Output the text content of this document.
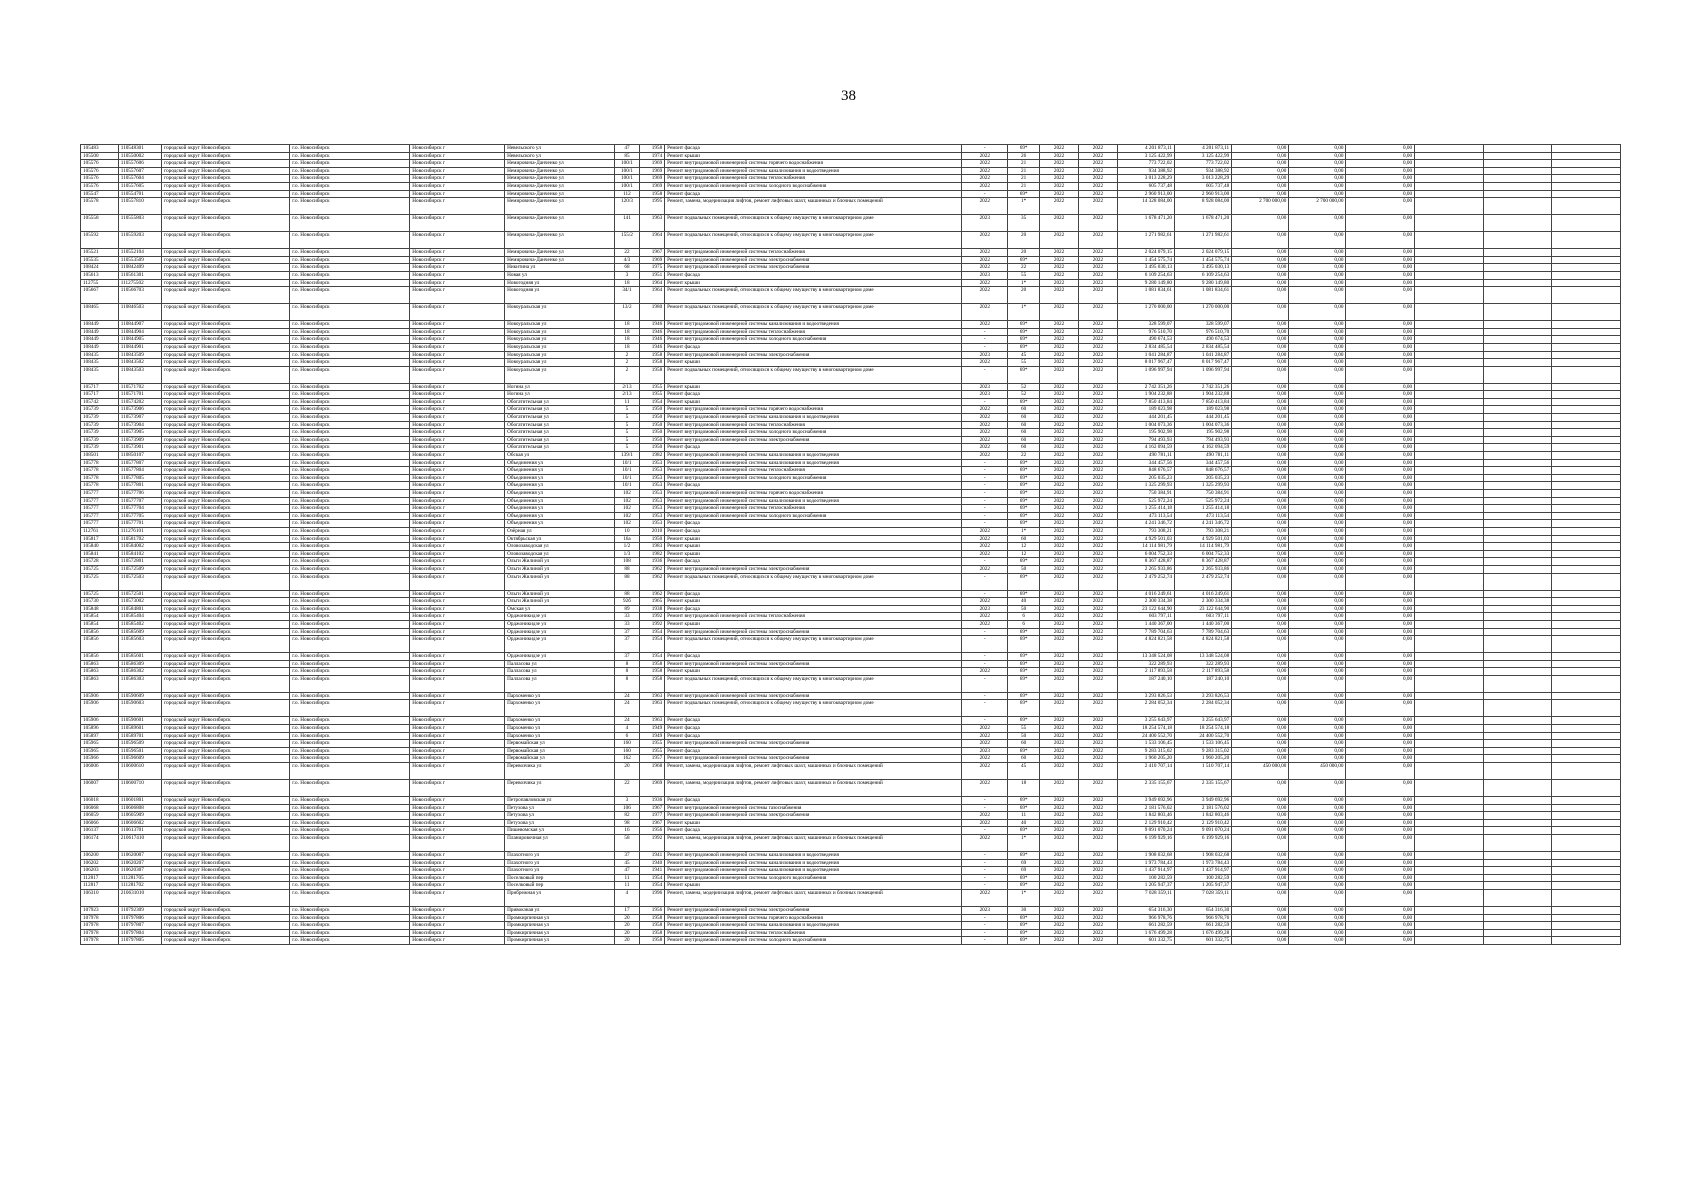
38
105483	110548301	городской округ Новосибирск	г.о. Новосибирск	Новосибирск г	Невельского ул	47	1958	Ремонт фасада	-	69*	2022	2022	4 201 873,11	4 201 873,11	0,00	0,00	0,00			
105500	110550002	городской округ Новосибирск	г.о. Новосибирск	Новосибирск г	Невельского ул	85	1974	Ремонт крыши	2022	26	2022	2022	3 125 422,99	3 125 422,99	0,00	0,00	0,00			
105576	110557606	городской округ Новосибирск	г.о. Новосибирск	Новосибирск г	Немировича-Данченко ул	100/1	1969	Ремонт внутридомовой инженерной системы горячего водоснабжения	2022	21	2022	2022	773 722,02	773 722,02	0,00	0,00	0,00			
105576	110557607	городской округ Новосибирск	г.о. Новосибирск	Новосибирск г	Немировича-Данченко ул	100/1	1969	Ремонт внутридомовой инженерной системы канализования и водоотведения	2022	21	2022	2022	934 388,92	934 388,92	0,00	0,00	0,00			
105576	110557604	городской округ Новосибирск	г.о. Новосибирск	Новосибирск г	Немировича-Данченко ул	100/1	1969	Ремонт внутридомовой инженерной системы теплоснабжения	2022	21	2022	2022	3 013 228,29	3 013 228,29	0,00	0,00	0,00			
105576	110557605	городской округ Новосибирск	г.о. Новосибирск	Новосибирск г	Немировича-Данченко ул	100/1	1969	Ремонт внутридомовой инженерной системы холодного водоснабжения	2022	21	2022	2022	605 737,48	605 737,48	0,00	0,00	0,00			
105547	110554701	городской округ Новосибирск	г.о. Новосибирск	Новосибирск г	Немировича-Данченко ул	112	1958	Ремонт фасада	-	69*	2022	2022	2 960 913,00	2 960 913,00	0,00	0,00	0,00			
105578	110557810	городской округ Новосибирск	г.о. Новосибирск	Новосибирск г	Немировича-Данченко ул	120/3	1995	Ремонт, замена, модернизация лифтов, ремонт лифтовых шахт, машинных и блочных помещений	2022	1*	2022	2022	14 328 084,00	8 928 084,00	2 700 000,00	2 700 000,00	0,00			
105558	110555803	городской округ Новосибирск	г.о. Новосибирск	Новосибирск г	Немировича-Данченко ул	141	1963	Ремонт подвальных помещений, относящихся к общему имуществу в многоквартирном доме	2023	35	2022	2022	1 678 471,20	1 678 471,20	0,00	0,00	0,00			
105592	110559203	городской округ Новосибирск	г.о. Новосибирск	Новосибирск г	Немировича-Данченко ул	155/2	1964	Ремонт подвальных помещений, относящихся к общему имуществу в многоквартирном доме	2022	20	2022	2022	1 271 982,61	1 271 982,61	0,00	0,00	0,00			
105521	110552104	городской округ Новосибирск	г.о. Новосибирск	Новосибирск г	Немировича-Данченко ул	22	1967	Ремонт внутридомовой инженерной системы теплоснабжения	2022	20	2022	2022	2 024 079,15	2 024 079,15	0,00	0,00	0,00			
105535	110553509	городской округ Новосибирск	г.о. Новосибирск	Новосибирск г	Немировича-Данченко ул	4/3	1969	Ремонт внутридомовой инженерной системы электроснабжения	2022	69*	2022	2022	1 454 575,74	1 454 575,74	0,00	0,00	0,00			
108424	110842409	городской округ Новосибирск	г.о. Новосибирск	Новосибирск г	Никитина ул	68	1975	Ремонт внутридомовой инженерной системы электроснабжения	2022	22	2022	2022	3 495 030,13	3 495 030,13	0,00	0,00	0,00			
105613	110561301	городской округ Новосибирск	г.о. Новосибирск	Новосибирск г	Новая ул	3	1951	Ремонт фасада	2023	55	2022	2022	6 109 254,63	6 109 254,63	0,00	0,00	0,00			
112755	111275502	городской округ Новосибирск	г.о. Новосибирск	Новосибирск г	Новогодняя ул	18	1964	Ремонт крыши	2022	1*	2022	2022	9 280 149,80	9 280 149,80	0,00	0,00	0,00			
105667	110566703	городской округ Новосибирск	г.о. Новосибирск	Новосибирск г	Новогодняя ул	34/1	1964	Ремонт подвальных помещений, относящихся к общему имуществу в многоквартирном доме	2022	20	2022	2022	1 081 834,61	1 081 834,61	0,00	0,00	0,00			
108465	110846503	городской округ Новосибирск	г.о. Новосибирск	Новосибирск г	Новоуральская ул	13/2	1980	Ремонт подвальных помещений, относящихся к общему имуществу в многоквартирном доме	2022	1*	2022	2022	1 270 000,00	1 270 000,00	0,00	0,00	0,00			
108449	110844907	городской округ Новосибирск	г.о. Новосибирск	Новосибирск г	Новоуральская ул	18	1946	Ремонт внутридомовой инженерной системы канализования и водоотведения	2022	69*	2022	2022	328 599,07	328 599,07	0,00	0,00	0,00			
108449	110844904	городской округ Новосибирск	г.о. Новосибирск	Новосибирск г	Новоуральская ул	18	1946	Ремонт внутридомовой инженерной системы теплоснабжения	-	69*	2022	2022	976 510,70	976 510,70	0,00	0,00	0,00			
108449	110844905	городской округ Новосибирск	г.о. Новосибирск	Новосибирск г	Новоуральская ул	18	1946	Ремонт внутридомовой инженерной системы холодного водоснабжения	-	69*	2022	2022	490 674,53	490 674,53	0,00	0,00	0,00			
108449	110844901	городской округ Новосибирск	г.о. Новосибирск	Новосибирск г	Новоуральская ул	18	1946	Ремонт фасада	-	69*	2022	2022	2 834 485,54	2 834 485,54	0,00	0,00	0,00			
108435	110843509	городской округ Новосибирск	г.о. Новосибирск	Новосибирск г	Новоуральская ул	2	1958	Ремонт внутридомовой инженерной системы электроснабжения	2023	45	2022	2022	1 041 284,87	1 041 284,87	0,00	0,00	0,00			
108435	110843502	городской округ Новосибирск	г.о. Новосибирск	Новосибирск г	Новоуральская ул	2	1958	Ремонт крыши	2022	55	2022	2022	8 017 967,47	8 017 967,47	0,00	0,00	0,00			
108435	110843503	городской округ Новосибирск	г.о. Новосибирск	Новосибирск г	Новоуральская ул	2	1958	Ремонт подвальных помещений, относящихся к общему имуществу в многоквартирном доме	-	69*	2022	2022	1 096 997,94	1 096 997,94	0,00	0,00	0,00			
105717	110571702	городской округ Новосибирск	г.о. Новосибирск	Новосибирск г	Ногина ул	2/13	1955	Ремонт крыши	2023	52	2022	2022	2 742 351,26	2 742 351,26	0,00	0,00	0,00			
105717	110571701	городской округ Новосибирск	г.о. Новосибирск	Новосибирск г	Ногина ул	2/13	1955	Ремонт фасада	2023	52	2022	2022	1 904 232,88	1 904 232,88	0,00	0,00	0,00			
105742	110574202	городской округ Новосибирск	г.о. Новосибирск	Новосибирск г	Обогатительная ул	11	1954	Ремонт крыши	-	69*	2022	2022	7 850 413,84	7 850 413,84	0,00	0,00	0,00			
105739	110573906	городской округ Новосибирск	г.о. Новосибирск	Новосибирск г	Обогатительная ул	5	1950	Ремонт внутридомовой инженерной системы горячего водоснабжения	2022	60	2022	2022	189 023,98	189 023,98	0,00	0,00	0,00			
105739	110573907	городской округ Новосибирск	г.о. Новосибирск	Новосибирск г	Обогатительная ул	5	1950	Ремонт внутридомовой инженерной системы канализования и водоотведения	2022	60	2022	2022	444 201,45	444 201,45	0,00	0,00	0,00			
105739	110573904	городской округ Новосибирск	г.о. Новосибирск	Новосибирск г	Обогатительная ул	5	1950	Ремонт внутридомовой инженерной системы теплоснабжения	2022	60	2022	2022	1 004 073,36	1 004 073,36	0,00	0,00	0,00			
105739	110573905	городской округ Новосибирск	г.о. Новосибирск	Новосибирск г	Обогатительная ул	5	1950	Ремонт внутридомовой инженерной системы холодного водоснабжения	2022	60	2022	2022	195 902,98	195 902,98	0,00	0,00	0,00			
105739	110573909	городской округ Новосибирск	г.о. Новосибирск	Новосибирск г	Обогатительная ул	5	1950	Ремонт внутридомовой инженерной системы электроснабжения	2022	60	2022	2022	794 493,93	794 493,93	0,00	0,00	0,00			
105739	110573901	городской округ Новосибирск	г.о. Новосибирск	Новосибирск г	Обогатительная ул	5	1950	Ремонт фасада	2022	60	2022	2022	4 162 094,59	4 162 094,59	0,00	0,00	0,00			
108501	110850107	городской округ Новосибирск	г.о. Новосибирск	Новосибирск г	Обская ул	139/1	1982	Ремонт внутридомовой инженерной системы канализования и водоотведения	2022	22	2022	2022	490 781,11	490 781,11	0,00	0,00	0,00			
105778	110577807	городской округ Новосибирск	г.о. Новосибирск	Новосибирск г	Объединения ул	10/1	1953	Ремонт внутридомовой инженерной системы канализования и водоотведения	-	69*	2022	2022	344 457,56	344 457,56	0,00	0,00	0,00			
105778	110577804	городской округ Новосибирск	г.о. Новосибирск	Новосибирск г	Объединения ул	10/1	1953	Ремонт внутридомовой инженерной системы теплоснабжения	-	69*	2022	2022	848 676,57	848 676,57	0,00	0,00	0,00			
105778	110577805	городской округ Новосибирск	г.о. Новосибирск	Новосибирск г	Объединения ул	10/1	1953	Ремонт внутридомовой инженерной системы холодного водоснабжения	-	69*	2022	2022	205 035,23	205 035,23	0,00	0,00	0,00			
105778	110577801	городской округ Новосибирск	г.о. Новосибирск	Новосибирск г	Объединения ул	10/1	1953	Ремонт фасада	-	69*	2022	2022	1 325 299,93	1 325 299,93	0,00	0,00	0,00			
105777	110577706	городской округ Новосибирск	г.о. Новосибирск	Новосибирск г	Объединения ул	102	1953	Ремонт внутридомовой инженерной системы горячего водоснабжения	-	69*	2022	2022	750 384,91	750 384,91	0,00	0,00	0,00			
105777	110577707	городской округ Новосибирск	г.о. Новосибирск	Новосибирск г	Объединения ул	102	1953	Ремонт внутридомовой инженерной системы канализования и водоотведения	-	69*	2022	2022	525 972,24	525 972,24	0,00	0,00	0,00			
105777	110577704	городской округ Новосибирск	г.о. Новосибирск	Новосибирск г	Объединения ул	102	1953	Ремонт внутридомовой инженерной системы теплоснабжения	-	69*	2022	2022	1 255 414,18	1 255 414,18	0,00	0,00	0,00			
105777	110577705	городской округ Новосибирск	г.о. Новосибирск	Новосибирск г	Объединения ул	102	1953	Ремонт внутридомовой инженерной системы холодного водоснабжения	-	69*	2022	2022	473 113,54	473 113,54	0,00	0,00	0,00			
105777	110577701	городской округ Новосибирск	г.о. Новосибирск	Новосибирск г	Объединения ул	102	1953	Ремонт фасада	-	69*	2022	2022	4 241 346,72	4 241 346,72	0,00	0,00	0,00			
112761	111276101	городской округ Новосибирск	г.о. Новосибирск	Новосибирск г	Озёрная ул	10	2010	Ремонт фасада	2022	1*	2022	2022	793 308,21	793 308,21	0,00	0,00	0,00			
105817	110581702	городской округ Новосибирск	г.о. Новосибирск	Новосибирск г	Октябрьская ул	16а	1950	Ремонт крыши	2022	60	2022	2022	4 929 501,03	4 929 501,03	0,00	0,00	0,00			
105840	110584002	городской округ Новосибирск	г.о. Новосибирск	Новосибирск г	Оловозаводская ул	1/2	1983	Ремонт крыши	2022	12	2022	2022	14 114 981,79	14 114 981,79	0,00	0,00	0,00			
105841	110584102	городской округ Новосибирск	г.о. Новосибирск	Новосибирск г	Оловозаводская ул	1/3	1982	Ремонт крыши	2022	12	2022	2022	6 004 752,33	6 004 752,33	0,00	0,00	0,00			
105728	110572801	городской округ Новосибирск	г.о. Новосибирск	Новосибирск г	Ольги Жилиной ул	108	1936	Ремонт фасада	-	69*	2022	2022	8 367 428,87	8 367 428,87	0,00	0,00	0,00			
105725	110572509	городской округ Новосибирск	г.о. Новосибирск	Новосибирск г	Ольги Жилиной ул	88	1962	Ремонт внутридомовой инженерной системы электроснабжения	2022	50	2022	2022	2 265 933,86	2 265 933,86	0,00	0,00	0,00			
105725	110572503	городской округ Новосибирск	г.о. Новосибирск	Новосибирск г	Ольги Жилиной ул	88	1962	Ремонт подвальных помещений, относящихся к общему имуществу в многоквартирном доме	-	69*	2022	2022	2 479 252,74	2 479 252,74	0,00	0,00	0,00			
105725	110572501	городской округ Новосибирск	г.о. Новосибирск	Новосибирск г	Ольги Жилиной ул	88	1962	Ремонт фасада	-	69*	2022	2022	4 016 249,61	4 016 249,61	0,00	0,00	0,00			
105730	110573002	городской округ Новосибирск	г.о. Новосибирск	Новосибирск г	Ольги Жилиной ул	92б	1965	Ремонт крыши	2022	40	2022	2022	2 300 334,38	2 300 334,38	0,00	0,00	0,00			
105848	110584801	городской округ Новосибирск	г.о. Новосибирск	Новосибирск г	Омская ул	89	1938	Ремонт фасада	2023	50	2022	2022	23 122 644,90	23 122 644,90	0,00	0,00	0,00			
105854	110585404	городской округ Новосибирск	г.о. Новосибирск	Новосибирск г	Орджоникидзе ул	33	1992	Ремонт внутридомовой инженерной системы теплоснабжения	2022	6	2022	2022	603 797,11	603 797,11	0,00	0,00	0,00			
105854	110585402	городской округ Новосибирск	г.о. Новосибирск	Новосибирск г	Орджоникидзе ул	33	1992	Ремонт крыши	2022	6	2022	2022	1 440 367,00	1 440 367,00	0,00	0,00	0,00			
105856	110585609	городской округ Новосибирск	г.о. Новосибирск	Новосибирск г	Орджоникидзе ул	37	1954	Ремонт внутридомовой инженерной системы электроснабжения	-	69*	2022	2022	7 789 704,63	7 789 704,63	0,00	0,00	0,00			
105856	110585603	городской округ Новосибирск	г.о. Новосибирск	Новосибирск г	Орджоникидзе ул	37	1954	Ремонт подвальных помещений, относящихся к общему имуществу в многоквартирном доме	-	69*	2022	2022	4 824 821,58	4 824 821,58	0,00	0,00	0,00			
105856	110585601	городской округ Новосибирск	г.о. Новосибирск	Новосибирск г	Орджоникидзе ул	37	1954	Ремонт фасада	-	69*	2022	2022	13 348 524,08	13 348 524,08	0,00	0,00	0,00			
105863	110586309	городской округ Новосибирск	г.о. Новосибирск	Новосибирск г	Палласова ул	8	1958	Ремонт внутридомовой инженерной системы электроснабжения	-	69*	2022	2022	322 289,93	322 289,93	0,00	0,00	0,00			
105863	110586302	городской округ Новосибирск	г.о. Новосибирск	Новосибирск г	Палласова ул	8	1958	Ремонт крыши	2022	69*	2022	2022	2 117 893,58	2 117 893,58	0,00	0,00	0,00			
105863	110586303	городской округ Новосибирск	г.о. Новосибирск	Новосибирск г	Палласова ул	8	1958	Ремонт подвальных помещений, относящихся к общему имуществу в многоквартирном доме	-	69*	2022	2022	187 240,10	187 240,10	0,00	0,00	0,00			
105906	110590609	городской округ Новосибирск	г.о. Новосибирск	Новосибирск г	Пархоменко ул	24	1963	Ремонт внутридомовой инженерной системы электроснабжения	-	69*	2022	2022	3 293 826,53	3 293 826,53	0,00	0,00	0,00			
105906	110590603	городской округ Новосибирск	г.о. Новосибирск	Новосибирск г	Пархоменко ул	24	1963	Ремонт подвальных помещений, относящихся к общему имуществу в многоквартирном доме	-	69*	2022	2022	2 284 052,34	2 284 052,34	0,00	0,00	0,00			
105906	110590601	городской округ Новосибирск	г.о. Новосибирск	Новосибирск г	Пархоменко ул	24	1963	Ремонт фасада	-	69*	2022	2022	3 255 643,97	3 255 643,97	0,00	0,00	0,00			
105896	110589601	городской округ Новосибирск	г.о. Новосибирск	Новосибирск г	Пархоменко ул	4	1949	Ремонт фасада	2022	55	2022	2022	18 254 574,18	18 254 574,18	0,00	0,00	0,00			
105897	110589701	городской округ Новосибирск	г.о. Новосибирск	Новосибирск г	Пархоменко ул	6	1949	Ремонт фасада	2022	50	2022	2022	24 400 552,70	24 400 552,70	0,00	0,00	0,00			
105965	110596509	городской округ Новосибирск	г.о. Новосибирск	Новосибирск г	Первомайская ул	160	1955	Ремонт внутридомовой инженерной системы электроснабжения	2022	60	2022	2022	1 533 106,45	1 533 106,45	0,00	0,00	0,00			
105965	110596501	городской округ Новосибирск	г.о. Новосибирск	Новосибирск г	Первомайская ул	160	1955	Ремонт фасада	2023	69*	2022	2022	9 283 315,02	9 283 315,02	0,00	0,00	0,00			
105966	110596609	городской округ Новосибирск	г.о. Новосибирск	Новосибирск г	Первомайская ул	162	1957	Ремонт внутридомовой инженерной системы электроснабжения	2022	60	2022	2022	1 960 205,20	1 960 205,20	0,00	0,00	0,00			
106006	110600610	городской округ Новосибирск	г.о. Новосибирск	Новосибирск г	Перевозчика ул	20	1968	Ремонт, замена, модернизация лифтов, ремонт лифтовых шахт, машинных и блочных помещений	2022	45	2022	2022	2 410 707,14	1 510 707,14	450 000,00	450 000,00	0,00			
106007	110600710	городской округ Новосибирск	г.о. Новосибирск	Новосибирск г	Перевозчика ул	22	1969	Ремонт, замена, модернизация лифтов, ремонт лифтовых шахт, машинных и блочных помещений	2022	18	2022	2022	2 335 155,67	2 335 155,67	0,00	0,00	0,00			
106018	110601801	городской округ Новосибирск	г.о. Новосибирск	Новосибирск г	Петропавловская ул	3	1936	Ремонт фасада	-	69*	2022	2022	3 949 692,96	3 949 692,96	0,00	0,00	0,00			
106068	110606808	городской округ Новосибирск	г.о. Новосибирск	Новосибирск г	Петухова ул	106	1967	Ремонт внутридомовой инженерной системы газоснабжения	-	69*	2022	2022	2 181 576,02	2 181 576,02	0,00	0,00	0,00			
106059	110605909	городской округ Новосибирск	г.о. Новосибирск	Новосибирск г	Петухова ул	82	1977	Ремонт внутридомовой инженерной системы электроснабжения	2022	11	2022	2022	1 842 803,46	1 842 803,46	0,00	0,00	0,00			
106066	110606602	городской округ Новосибирск	г.о. Новосибирск	Новосибирск г	Петухова ул	98	1967	Ремонт крыши	2022	40	2022	2022	2 129 910,42	2 129 910,42	0,00	0,00	0,00			
106137	110613701	городской округ Новосибирск	г.о. Новосибирск	Новосибирск г	Пишевомская ул	16	1956	Ремонт фасада	-	69*	2022	2022	9 091 070,24	9 091 070,24	0,00	0,00	0,00			
106174	210617410	городской округ Новосибирск	г.о. Новосибирск	Новосибирск г	Планировочная ул	58	1992	Ремонт, замена, модернизация лифтов, ремонт лифтовых шахт, машинных и блочных помещений	2022	1*	2022	2022	6 199 929,16	6 199 929,16	0,00	0,00	0,00			
106200	110620007	городской округ Новосибирск	г.о. Новосибирск	Новосибирск г	Плахотного ул	37	1941	Ремонт внутридомовой инженерной системы канализования и водоотведения	-	69*	2022	2022	1 908 032,68	1 908 032,68	0,00	0,00	0,00			
106202	110620207	городской округ Новосибирск	г.о. Новосибирск	Новосибирск г	Плахотного ул	45	1940	Ремонт внутридомовой инженерной системы канализования и водоотведения	-	69	2022	2022	1 973 784,43	1 973 784,43	0,00	0,00	0,00			
106203	110620307	городской округ Новосибирск	г.о. Новосибирск	Новосибирск г	Плахотного ул	47	1941	Ремонт внутридомовой инженерной системы канализования и водоотведения	-	69	2022	2022	1 437 914,97	1 437 914,97	0,00	0,00	0,00			
112817	111281705	городской округ Новосибирск	г.о. Новосибирск	Новосибирск г	Поселковый пер	11	1954	Ремонт внутридомовой инженерной системы холодного водоснабжения	-	69*	2022	2022	100 282,59	100 282,59	0,00	0,00	0,00			
112817	111281702	городской округ Новосибирск	г.о. Новосибирск	Новосибирск г	Поселковый пер	11	1954	Ремонт крыши	-	69*	2022	2022	1 205 947,37	1 205 947,37	0,00	0,00	0,00			
106310	210631010	городской округ Новосибирск	г.о. Новосибирск	Новосибирск г	Прибрежная ул	4	1996	Ремонт, замена, модернизация лифтов, ремонт лифтовых шахт, машинных и блочных помещений	2022	1*	2022	2022	7 028 359,11	7 028 359,11	0,00	0,00	0,00			
107923	110792309	городской округ Новосибирск	г.о. Новосибирск	Новосибирск г	Привокзная ул	17	1956	Ремонт внутридомовой инженерной системы электроснабжения	2023	30	2022	2022	654 316,30	654 316,30	0,00	0,00	0,00			
107978	110797806	городской округ Новосибирск	г.о. Новосибирск	Новосибирск г	Промкирпичная ул	20	1958	Ремонт внутридомовой инженерной системы горячего водоснабжения	-	69*	2022	2022	966 978,76	966 978,76	0,00	0,00	0,00			
107978	110797807	городской округ Новосибирск	г.о. Новосибирск	Новосибирск г	Промкирпичная ул	20	1958	Ремонт внутридомовой инженерной системы канализования и водоотведения	-	69*	2022	2022	661 282,59	661 282,59	0,00	0,00	0,00			
107978	110797804	городской округ Новосибирск	г.о. Новосибирск	Новосибирск г	Промкирпичная ул	20	1958	Ремонт внутридомовой инженерной системы теплоснабжения	-	69*	2022	2022	1 676 499,28	1 676 499,28	0,00	0,00	0,00			
107978	110797805	городской округ Новосибирск	г.о. Новосибирск	Новосибирск г	Промкирпичная ул	20	1958	Ремонт внутридомовой инженерной системы холодного водоснабжения	-	69*	2022	2022	601 332,75	601 332,75	0,00	0,00	0,00			
